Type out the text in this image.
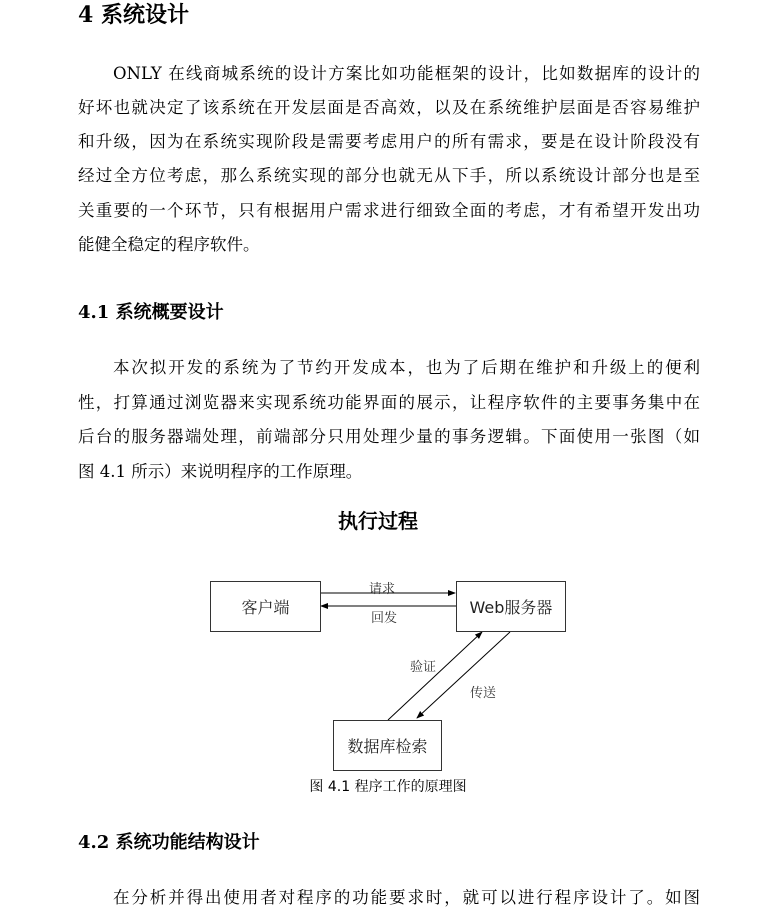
4 系统设计
ONLY 在线商城系统的设计方案比如功能框架的设计，比如数据库的设计的
好坏也就决定了该系统在开发层面是否高效，以及在系统维护层面是否容易维护
和升级，因为在系统实现阶段是需要考虑用户的所有需求，要是在设计阶段没有
经过全方位考虑，那么系统实现的部分也就无从下手，所以系统设计部分也是至
关重要的一个环节，只有根据用户需求进行细致全面的考虑，才有希望开发出功
能健全稳定的程序软件。
4.1 系统概要设计
本次拟开发的系统为了节约开发成本，也为了后期在维护和升级上的便利
性，打算通过浏览器来实现系统功能界面的展示，让程序软件的主要事务集中在
后台的服务器端处理，前端部分只用处理少量的事务逻辑。下面使用一张图（如
图 4.1 所示）来说明程序的工作原理。
执行过程
客户端	Web服务器
数据库检索
请求
回发
验证
传送
图 4.1 程序工作的原理图
4.2 系统功能结构设计
在分析并得出使用者对程序的功能要求时，就可以进行程序设计了。如图
